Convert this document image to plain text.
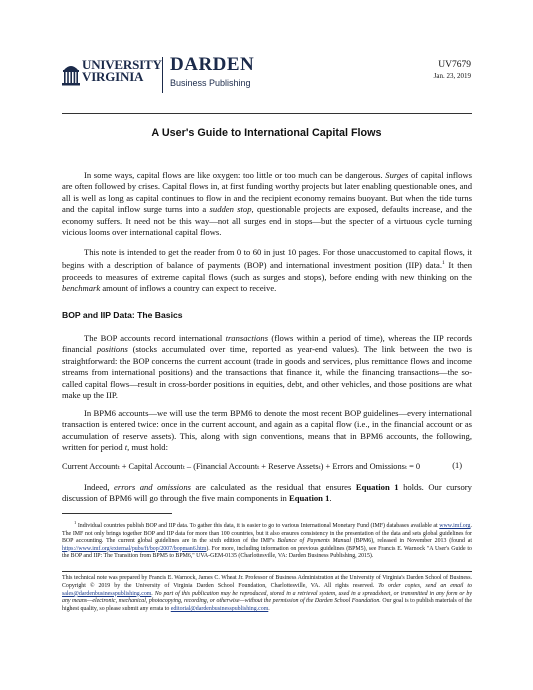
UNIVERSITY
VIRGINIA
DARDEN
Business Publishing
UV7679
Jan. 23, 2019
A User's Guide to International Capital Flows

In some ways, capital flows are like oxygen: too little or too much can be dangerous. Surges of capital inflows are often followed by crises. Capital flows in, at first funding worthy projects but later enabling questionable ones, and all is well as long as capital continues to flow in and the recipient economy remains buoyant. But when the tide turns and the capital inflow surge turns into a sudden stop, questionable projects are exposed, defaults increase, and the economy suffers. It need not be this way—not all surges end in stops—but the specter of a virtuous cycle turning vicious looms over international capital flows.

This note is intended to get the reader from 0 to 60 in just 10 pages. For those unaccustomed to capital flows, it begins with a description of balance of payments (BOP) and international investment position (IIP) data.$^1$ It then proceeds to measures of extreme capital flows (such as surges and stops), before ending with new thinking on the benchmark amount of inflows a country can expect to receive.

BOP and IIP Data: The Basics

The BOP accounts record international transactions (flows within a period of time), whereas the IIP records financial positions (stocks accumulated over time, reported as year-end values). The link between the two is straightforward: the BOP concerns the current account (trade in goods and services, plus remittance flows and income streams from international positions) and the transactions that finance it, while the financing transactions—the so-called capital flows—result in cross-border positions in equities, debt, and other vehicles, and those positions are what make up the IIP.

In BPM6 accounts—we will use the term BPM6 to denote the most recent BOP guidelines—every international transaction is entered twice: once in the current account, and again as a capital flow (i.e., in the financial account or as accumulation of reserve assets). This, along with sign conventions, means that in BPM6 accounts, the following, written for period t, must hold:

Current Accountₜ + Capital Accountₜ – (Financial Accountₜ + Reserve Assetsₜ) + Errors and Omissionsₜ = 0	(1)

Indeed, errors and omissions are calculated as the residual that ensures Equation 1 holds. Our cursory discussion of BPM6 will go through the five main components in Equation 1.

$^1$ Individual countries publish BOP and IIP data. To gather this data, it is easier to go to various International Monetary Fund (IMF) databases available at www.imf.org. The IMF not only brings together BOP and IIP data for more than 100 countries, but it also ensures consistency in the presentation of the data and sets global guidelines for BOP accounting. The current global guidelines are in the sixth edition of the IMF's Balance of Payments Manual (BPM6), released in November 2013 (found at https://www.imf.org/external/pubs/ft/bop/2007/bopman6.htm). For more, including information on previous guidelines (BPM5), see Francis E. Warnock "A User's Guide to the BOP and IIP: The Transition from BPM5 to BPM6," UVA-GEM-0135 (Charlottesville, VA: Darden Business Publishing, 2015).

This technical note was prepared by Francis E. Warnock, James C. Wheat Jr. Professor of Business Administration at the University of Virginia's Darden School of Business. Copyright © 2019 by the University of Virginia Darden School Foundation, Charlottesville, VA. All rights reserved. To order copies, send an email to sales@dardenbusinesspublishing.com. No part of this publication may be reproduced, stored in a retrieval system, used in a spreadsheet, or transmitted in any form or by any means—electronic, mechanical, photocopying, recording, or otherwise—without the permission of the Darden School Foundation. Our goal is to publish materials of the highest quality, so please submit any errata to editorial@dardenbusinesspublishing.com.
